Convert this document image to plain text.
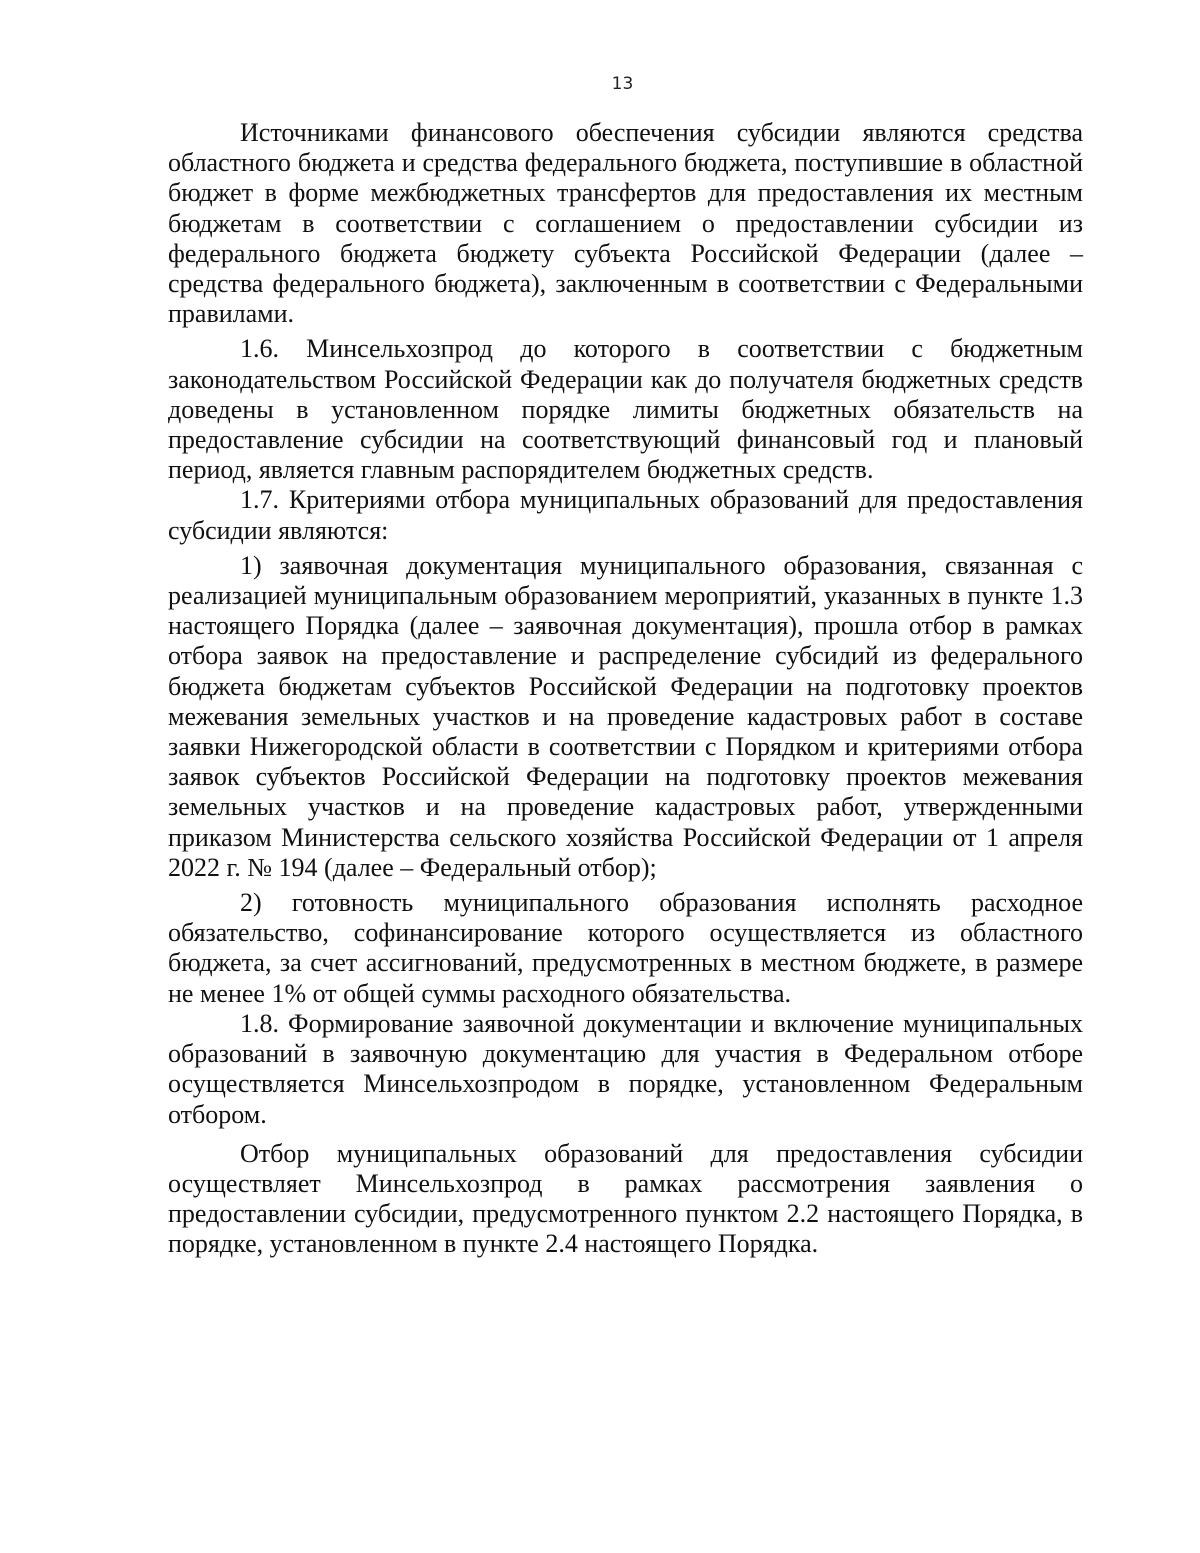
13

Источниками финансового обеспечения субсидии являются средства областного бюджета и средства федерального бюджета, поступившие в областной бюджет в форме межбюджетных трансфертов для предоставления их местным бюджетам в соответствии с соглашением о предоставлении субсидии из федерального бюджета бюджету субъекта Российской Федерации (далее – средства федерального бюджета), заключенным в соответствии с Федеральными правилами.

1.6. Минсельхозпрод до которого в соответствии с бюджетным законодательством Российской Федерации как до получателя бюджетных средств доведены в установленном порядке лимиты бюджетных обязательств на предоставление субсидии на соответствующий финансовый год и плановый период, является главным распорядителем бюджетных средств.

1.7. Критериями отбора муниципальных образований для предоставления субсидии являются:

1) заявочная документация муниципального образования, связанная с реализацией муниципальным образованием мероприятий, указанных в пункте 1.3 настоящего Порядка (далее – заявочная документация), прошла отбор в рамках отбора заявок на предоставление и распределение субсидий из федерального бюджета бюджетам субъектов Российской Федерации на подготовку проектов межевания земельных участков и на проведение кадастровых работ в составе заявки Нижегородской области в соответствии с Порядком и критериями отбора заявок субъектов Российской Федерации на подготовку проектов межевания земельных участков и на проведение кадастровых работ, утвержденными приказом Министерства сельского хозяйства Российской Федерации от 1 апреля 2022 г. № 194 (далее – Федеральный отбор);

2) готовность муниципального образования исполнять расходное обязательство, софинансирование которого осуществляется из областного бюджета, за счет ассигнований, предусмотренных в местном бюджете, в размере не менее 1% от общей суммы расходного обязательства.

1.8. Формирование заявочной документации и включение муниципальных образований в заявочную документацию для участия в Федеральном отборе осуществляется Минсельхозпродом в порядке, установленном Федеральным отбором.

Отбор муниципальных образований для предоставления субсидии осуществляет Минсельхозпрод в рамках рассмотрения заявления о предоставлении субсидии, предусмотренного пунктом 2.2 настоящего Порядка, в порядке, установленном в пункте 2.4 настоящего Порядка.
